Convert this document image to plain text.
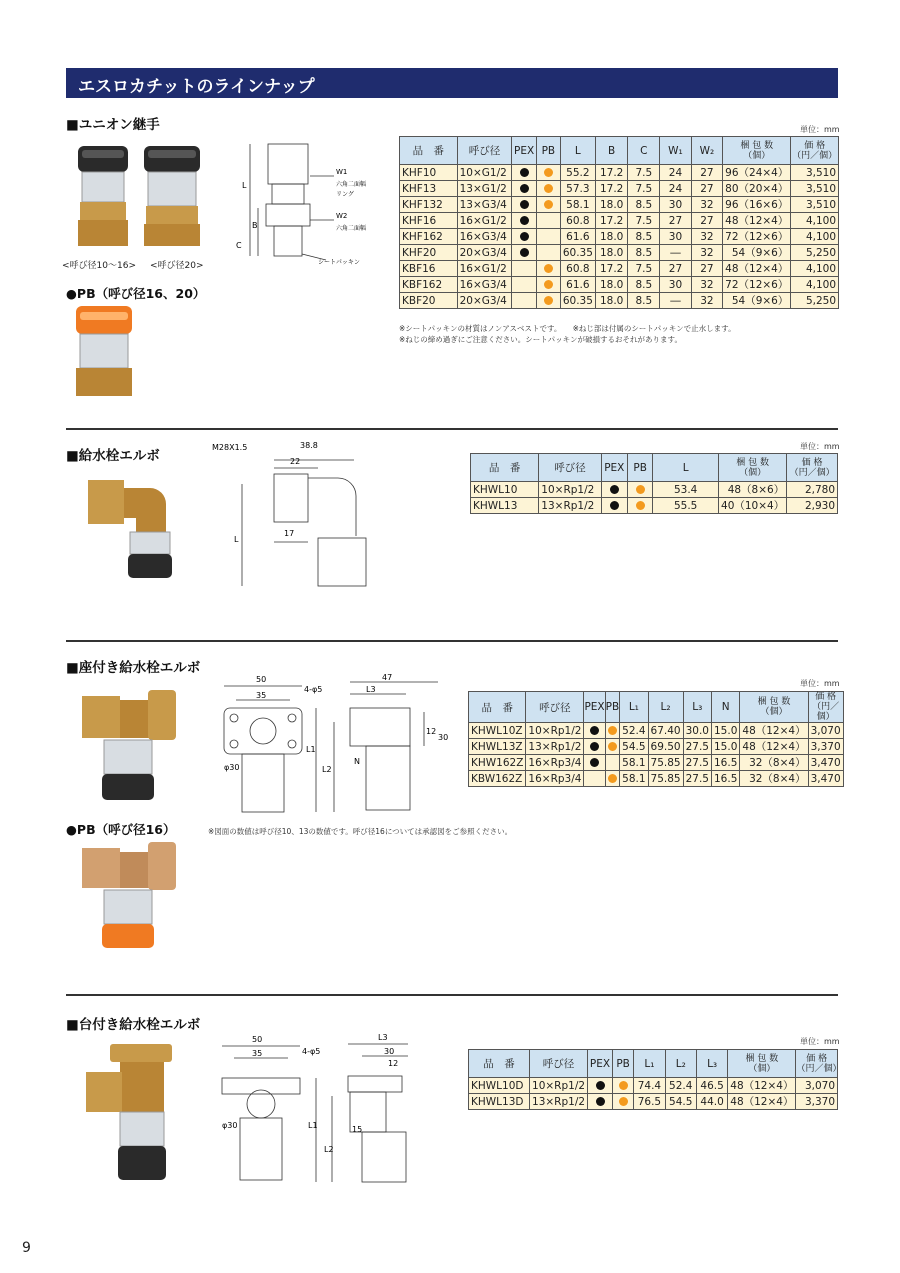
エスロカチットのラインナップ
■ユニオン継手
<呼び径10～16> <呼び径20>
●PB（呼び径16、20）
L
B
C
W1
六角二面幅
リング
W2
六角二面幅
シートパッキン
単位：mm
品　番	呼び径	PEX	PB	L	B	C	W₁	W₂	梱 包 数
（個）	価 格
（円／個）
KHF10	10×G1/2			55.2	17.2	7.5	24	27	96（24×4）	3,510
KHF13	13×G1/2			57.3	17.2	7.5	24	27	80（20×4）	3,510
KHF132	13×G3/4			58.1	18.0	8.5	30	32	96（16×6）	3,510
KHF16	16×G1/2			60.8	17.2	7.5	27	27	48（12×4）	4,100
KHF162	16×G3/4			61.6	18.0	8.5	30	32	72（12×6）	4,100
KHF20	20×G3/4			60.35	18.0	8.5	―	32	54（9×6）	5,250
KBF16	16×G1/2			60.8	17.2	7.5	27	27	48（12×4）	4,100
KBF162	16×G3/4			61.6	18.0	8.5	30	32	72（12×6）	4,100
KBF20	20×G3/4			60.35	18.0	8.5	―	32	54（9×6）	5,250
※シートパッキンの材質はノンアスベストです。　　※ねじ部は付属のシートパッキンで止水します。
※ねじの締め過ぎにご注意ください。シートパッキンが破損するおそれがあります。
■給水栓エルボ
M28X1.5	38.8
22
17
L
単位：mm
品　番	呼び径	PEX	PB	L	梱 包 数
（個）	価 格
（円／個）
KHWL10	10×Rp1/2			53.4	48（8×6）	2,780
KHWL13	13×Rp1/2			55.5	40（10×4）	2,930
■座付き給水栓エルボ
●PB（呼び径16）
50
35
4-φ5
47
L3
12
30
N
L2
L1
φ30
単位：mm
品　番	呼び径	PEX	PB	L₁	L₂	L₃	N	梱 包 数
（個）	価 格
（円／個）
KHWL10Z	10×Rp1/2			52.4	67.40	30.0	15.0	48（12×4）	3,070
KHWL13Z	13×Rp1/2			54.5	69.50	27.5	15.0	48（12×4）	3,370
KHW162Z	16×Rp3/4			58.1	75.85	27.5	16.5	32（8×4）	3,470
KBW162Z	16×Rp3/4			58.1	75.85	27.5	16.5	32（8×4）	3,470
※図面の数値は呼び径10、13の数値です。呼び径16については承認図をご参照ください。
■台付き給水栓エルボ
50
35	4-φ5
L3
30
12
15
L1
L2
φ30
単位：mm
品　番	呼び径	PEX	PB	L₁	L₂	L₃	梱 包 数
（個）	価 格
（円／個）
KHWL10D	10×Rp1/2			74.4	52.4	46.5	48（12×4）	3,070
KHWL13D	13×Rp1/2			76.5	54.5	44.0	48（12×4）	3,370
9
